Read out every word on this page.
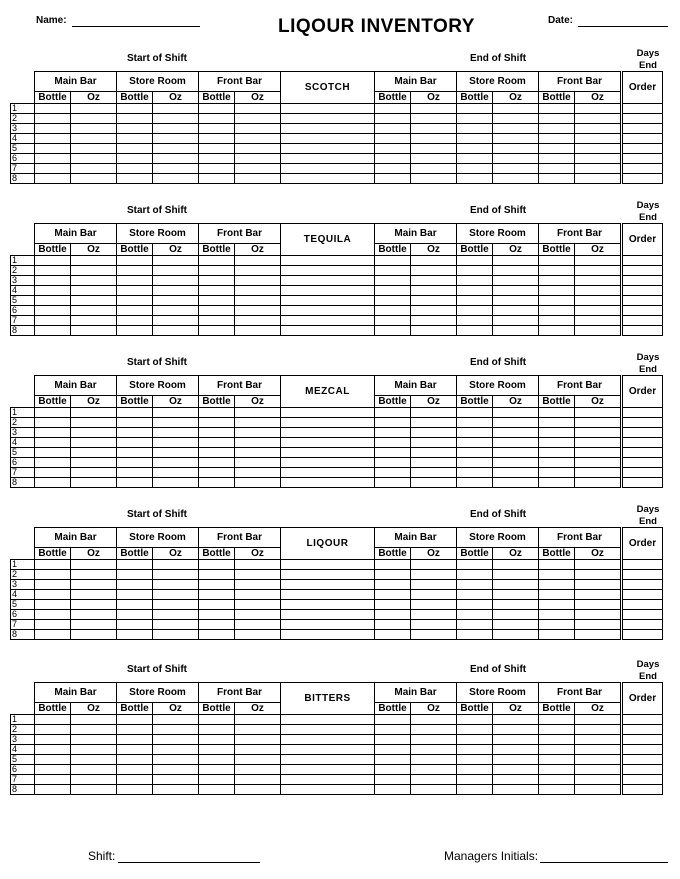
Name:	LIQOUR INVENTORY	Date:
Start of Shift	End of Shift	Days
End
	Main Bar		Store Room		Front Bar		SCOTCH	Main Bar		Store Room		Front Bar			Order
	Bottle	Oz	Bottle	Oz	Bottle	Oz		Bottle	Oz	Bottle	Oz	Bottle	Oz		
1															
2															
3															
4															
5															
6															
7															
8															
Start of Shift	End of Shift	Days
End
	Main Bar		Store Room		Front Bar		TEQUILA	Main Bar		Store Room		Front Bar			Order
	Bottle	Oz	Bottle	Oz	Bottle	Oz		Bottle	Oz	Bottle	Oz	Bottle	Oz		
1															
2															
3															
4															
5															
6															
7															
8															
Start of Shift	End of Shift	Days
End
	Main Bar		Store Room		Front Bar		MEZCAL	Main Bar		Store Room		Front Bar			Order
	Bottle	Oz	Bottle	Oz	Bottle	Oz		Bottle	Oz	Bottle	Oz	Bottle	Oz		
1															
2															
3															
4															
5															
6															
7															
8															
Start of Shift	End of Shift	Days
End
	Main Bar		Store Room		Front Bar		LIQOUR	Main Bar		Store Room		Front Bar			Order
	Bottle	Oz	Bottle	Oz	Bottle	Oz		Bottle	Oz	Bottle	Oz	Bottle	Oz		
1															
2															
3															
4															
5															
6															
7															
8															
Start of Shift	End of Shift	Days
End
	Main Bar		Store Room		Front Bar		BITTERS	Main Bar		Store Room		Front Bar			Order
	Bottle	Oz	Bottle	Oz	Bottle	Oz		Bottle	Oz	Bottle	Oz	Bottle	Oz		
1															
2															
3															
4															
5															
6															
7															
8															
Shift:	Managers Initials:
